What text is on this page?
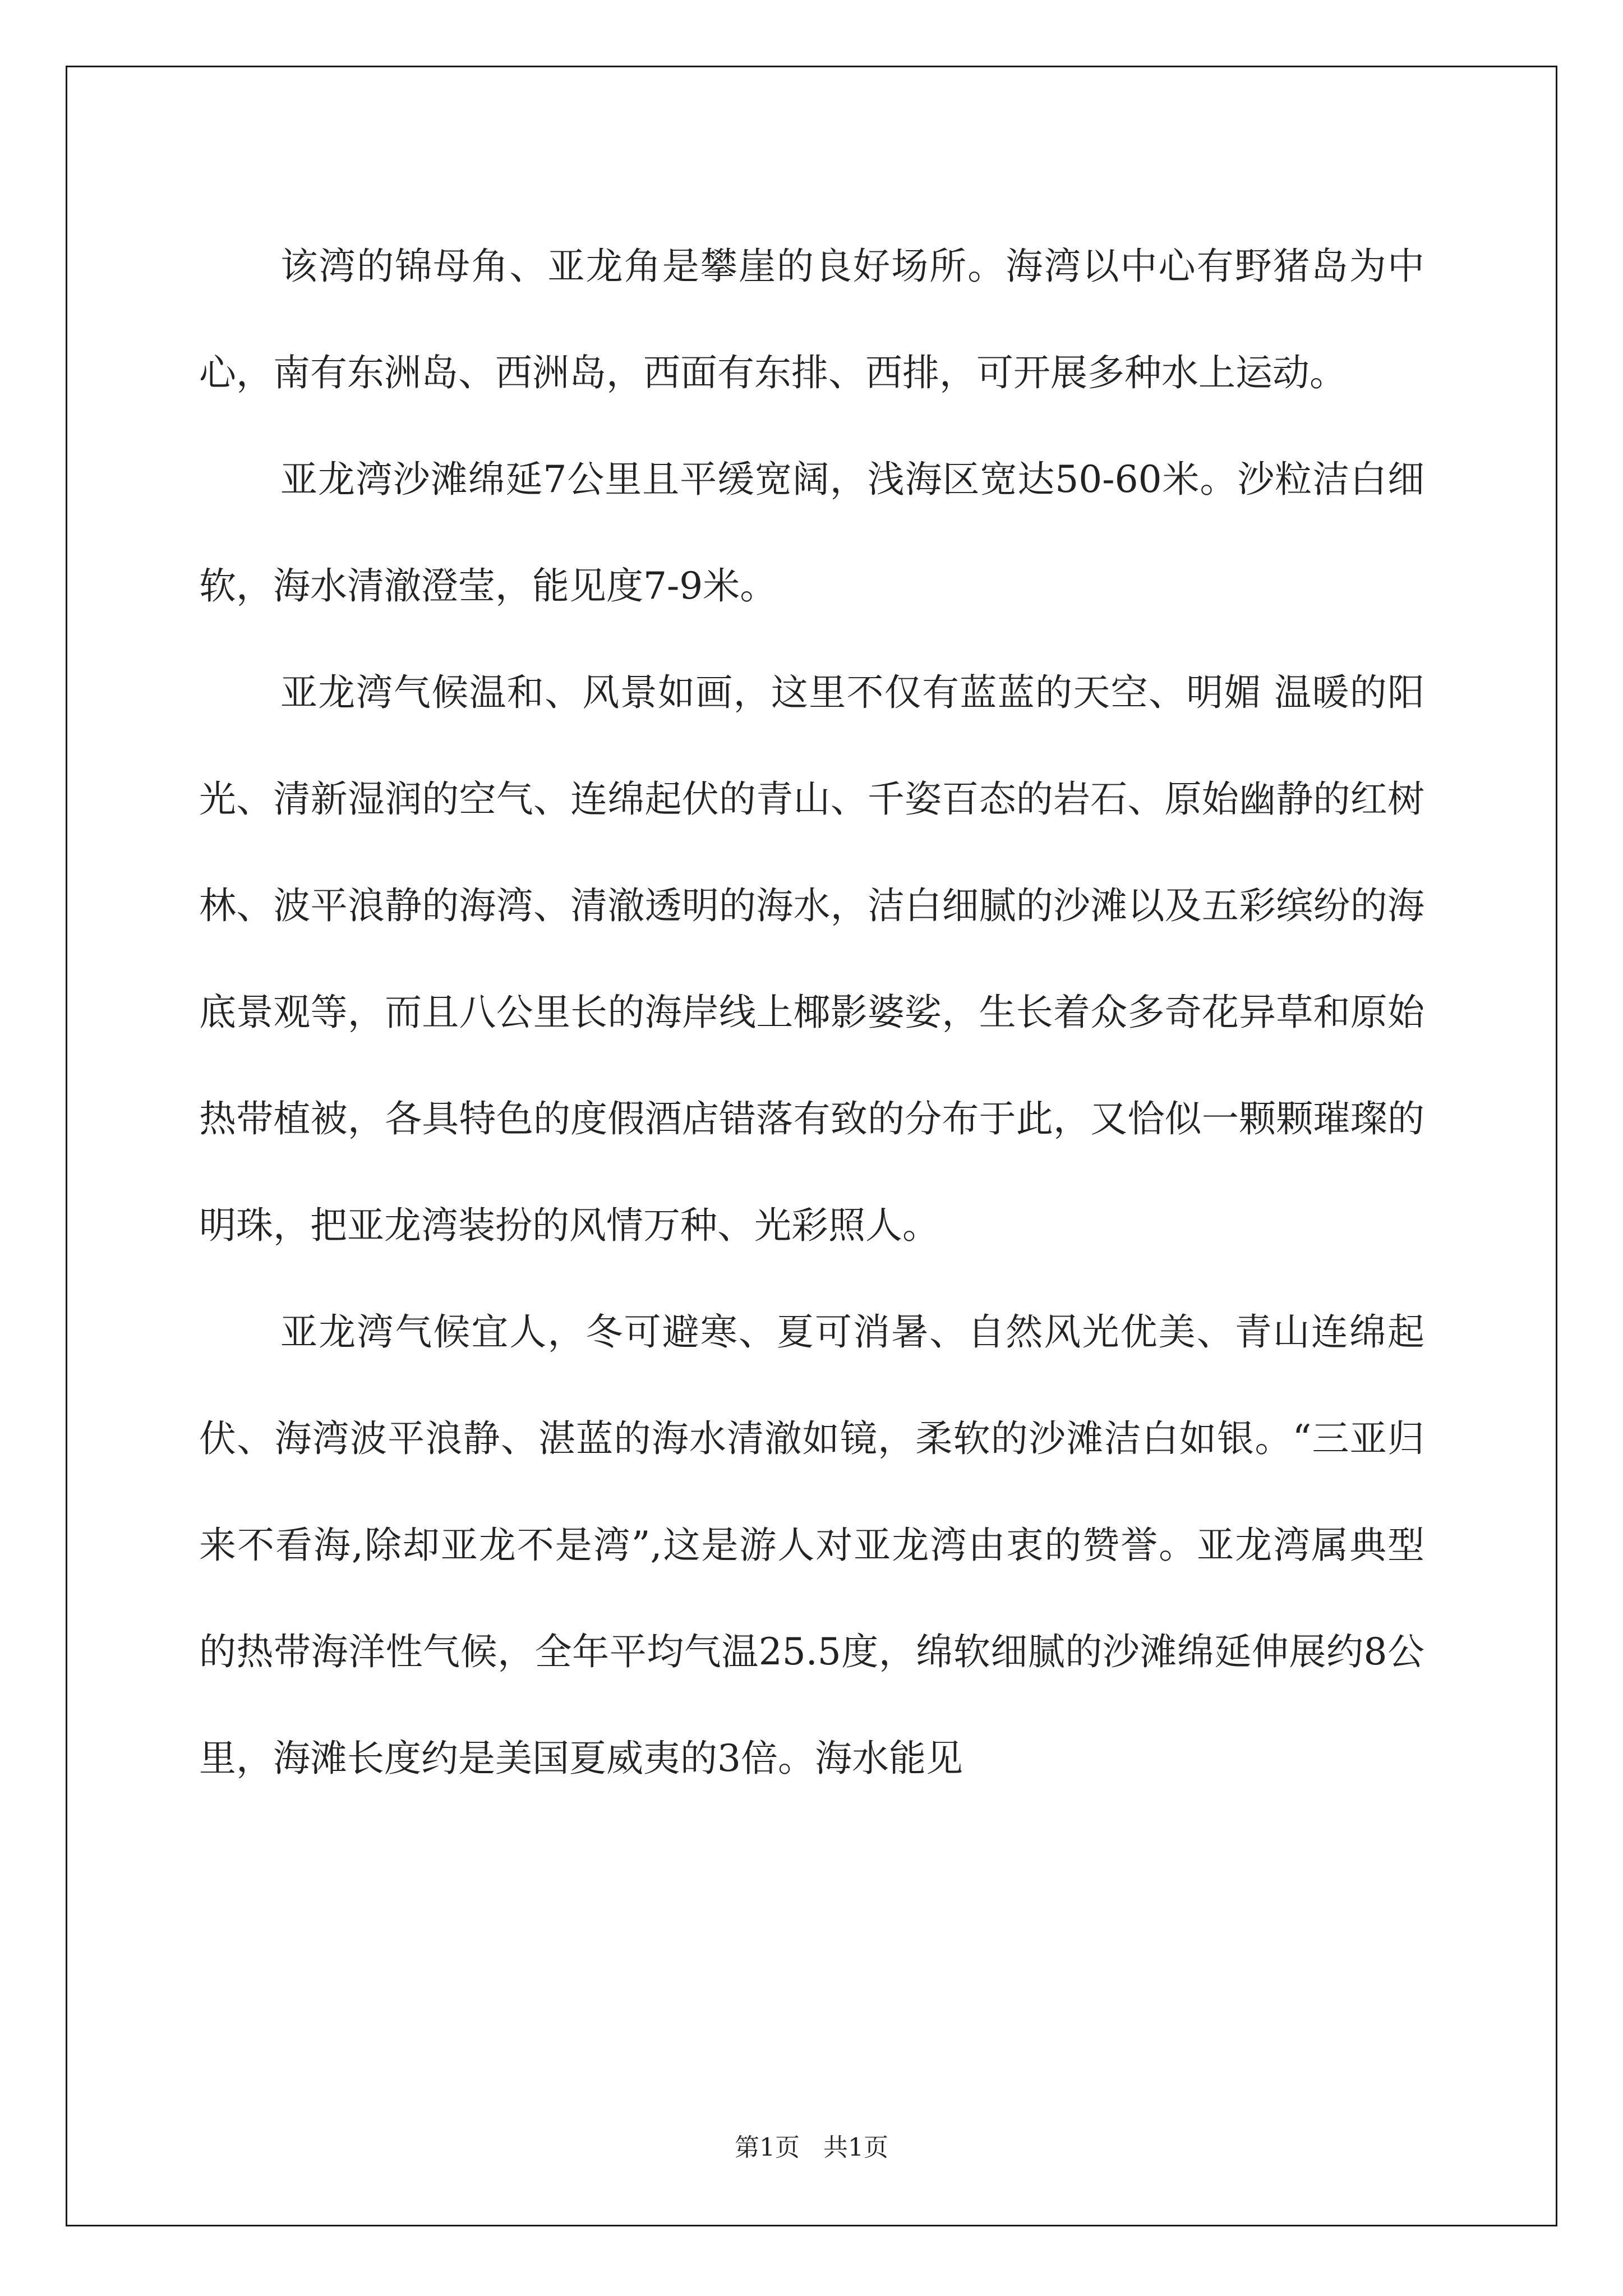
该湾的锦母角、亚龙角是攀崖的良好场所。海湾以中心有野猪岛为中心，南有东洲岛、西洲岛，西面有东排、西排，可开展多种水上运动。

亚龙湾沙滩绵延7公里且平缓宽阔，浅海区宽达50-60米。沙粒洁白细软，海水清澈澄莹，能见度7-9米。

亚龙湾气候温和、风景如画，这里不仅有蓝蓝的天空、明媚 温暖的阳光、清新湿润的空气、连绵起伏的青山、千姿百态的岩石、原始幽静的红树林、波平浪静的海湾、清澈透明的海水，洁白细腻的沙滩以及五彩缤纷的海底景观等，而且八公里长的海岸线上椰影婆娑，生长着众多奇花异草和原始热带植被，各具特色的度假酒店错落有致的分布于此，又恰似一颗颗璀璨的明珠，把亚龙湾装扮的风情万种、光彩照人。

亚龙湾气候宜人，冬可避寒、夏可消暑、自然风光优美、青山连绵起伏、海湾波平浪静、湛蓝的海水清澈如镜，柔软的沙滩洁白如银。“三亚归来不看海,除却亚龙不是湾”,这是游人对亚龙湾由衷的赞誉。亚龙湾属典型的热带海洋性气候，全年平均气温25.5度，绵软细腻的沙滩绵延伸展约8公里，海滩长度约是美国夏威夷的3倍。海水能见

第1页 共1页
